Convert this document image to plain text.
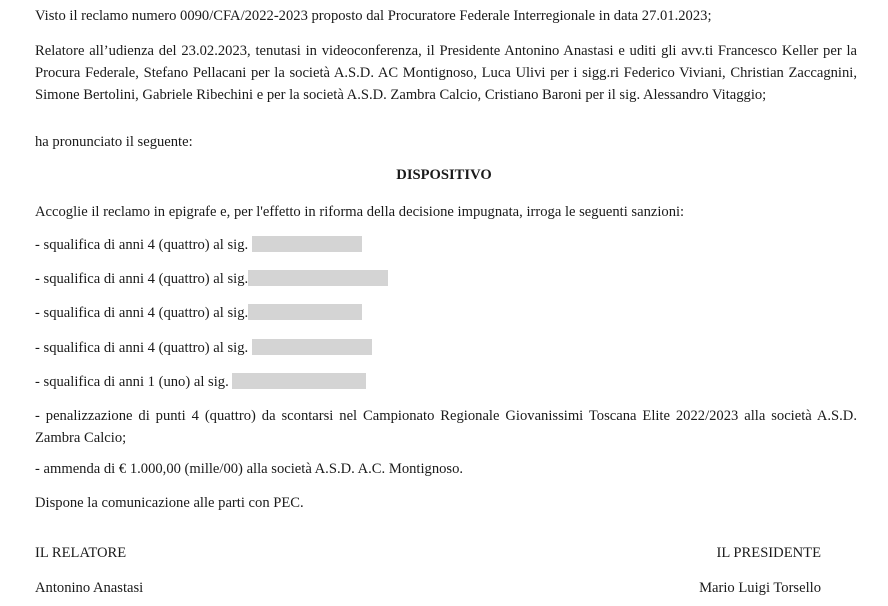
Visto il reclamo numero 0090/CFA/2022-2023 proposto dal Procuratore Federale Interregionale in data 27.01.2023;
Relatore all’udienza del 23.02.2023, tenutasi in videoconferenza, il Presidente Antonino Anastasi e uditi gli avv.ti Francesco Keller per la Procura Federale, Stefano Pellacani per la società A.S.D. AC Montignoso, Luca Ulivi per i sigg.ri Federico Viviani, Christian Zaccagnini, Simone Bertolini, Gabriele Ribechini e per la società A.S.D. Zambra Calcio, Cristiano Baroni per il sig. Alessandro Vitaggio;
ha pronunciato il seguente:
DISPOSITIVO
Accoglie il reclamo in epigrafe e, per l'effetto in riforma della decisione impugnata, irroga le seguenti sanzioni:
- squalifica di anni 4 (quattro) al sig.
- squalifica di anni 4 (quattro) al sig.
- squalifica di anni 4 (quattro) al sig.
- squalifica di anni 4 (quattro) al sig.
- squalifica di anni 1 (uno) al sig.
- penalizzazione di punti 4 (quattro) da scontarsi nel Campionato Regionale Giovanissimi Toscana Elite 2022/2023 alla società A.S.D. Zambra Calcio;
- ammenda di € 1.000,00 (mille/00) alla società A.S.D. A.C. Montignoso.
Dispone la comunicazione alle parti con PEC.
IL RELATORE	IL PRESIDENTE
Antonino Anastasi	Mario Luigi Torsello
